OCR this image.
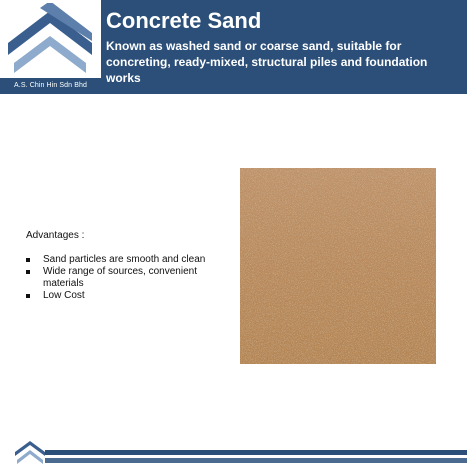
A.S. Chin Hin Sdn Bhd
Concrete Sand
Known as washed sand or coarse sand, suitable for concreting, ready-mixed, structural piles and foundation works
Advantages :
Sand particles are smooth and clean
Wide range of sources, convenient materials
Low Cost
